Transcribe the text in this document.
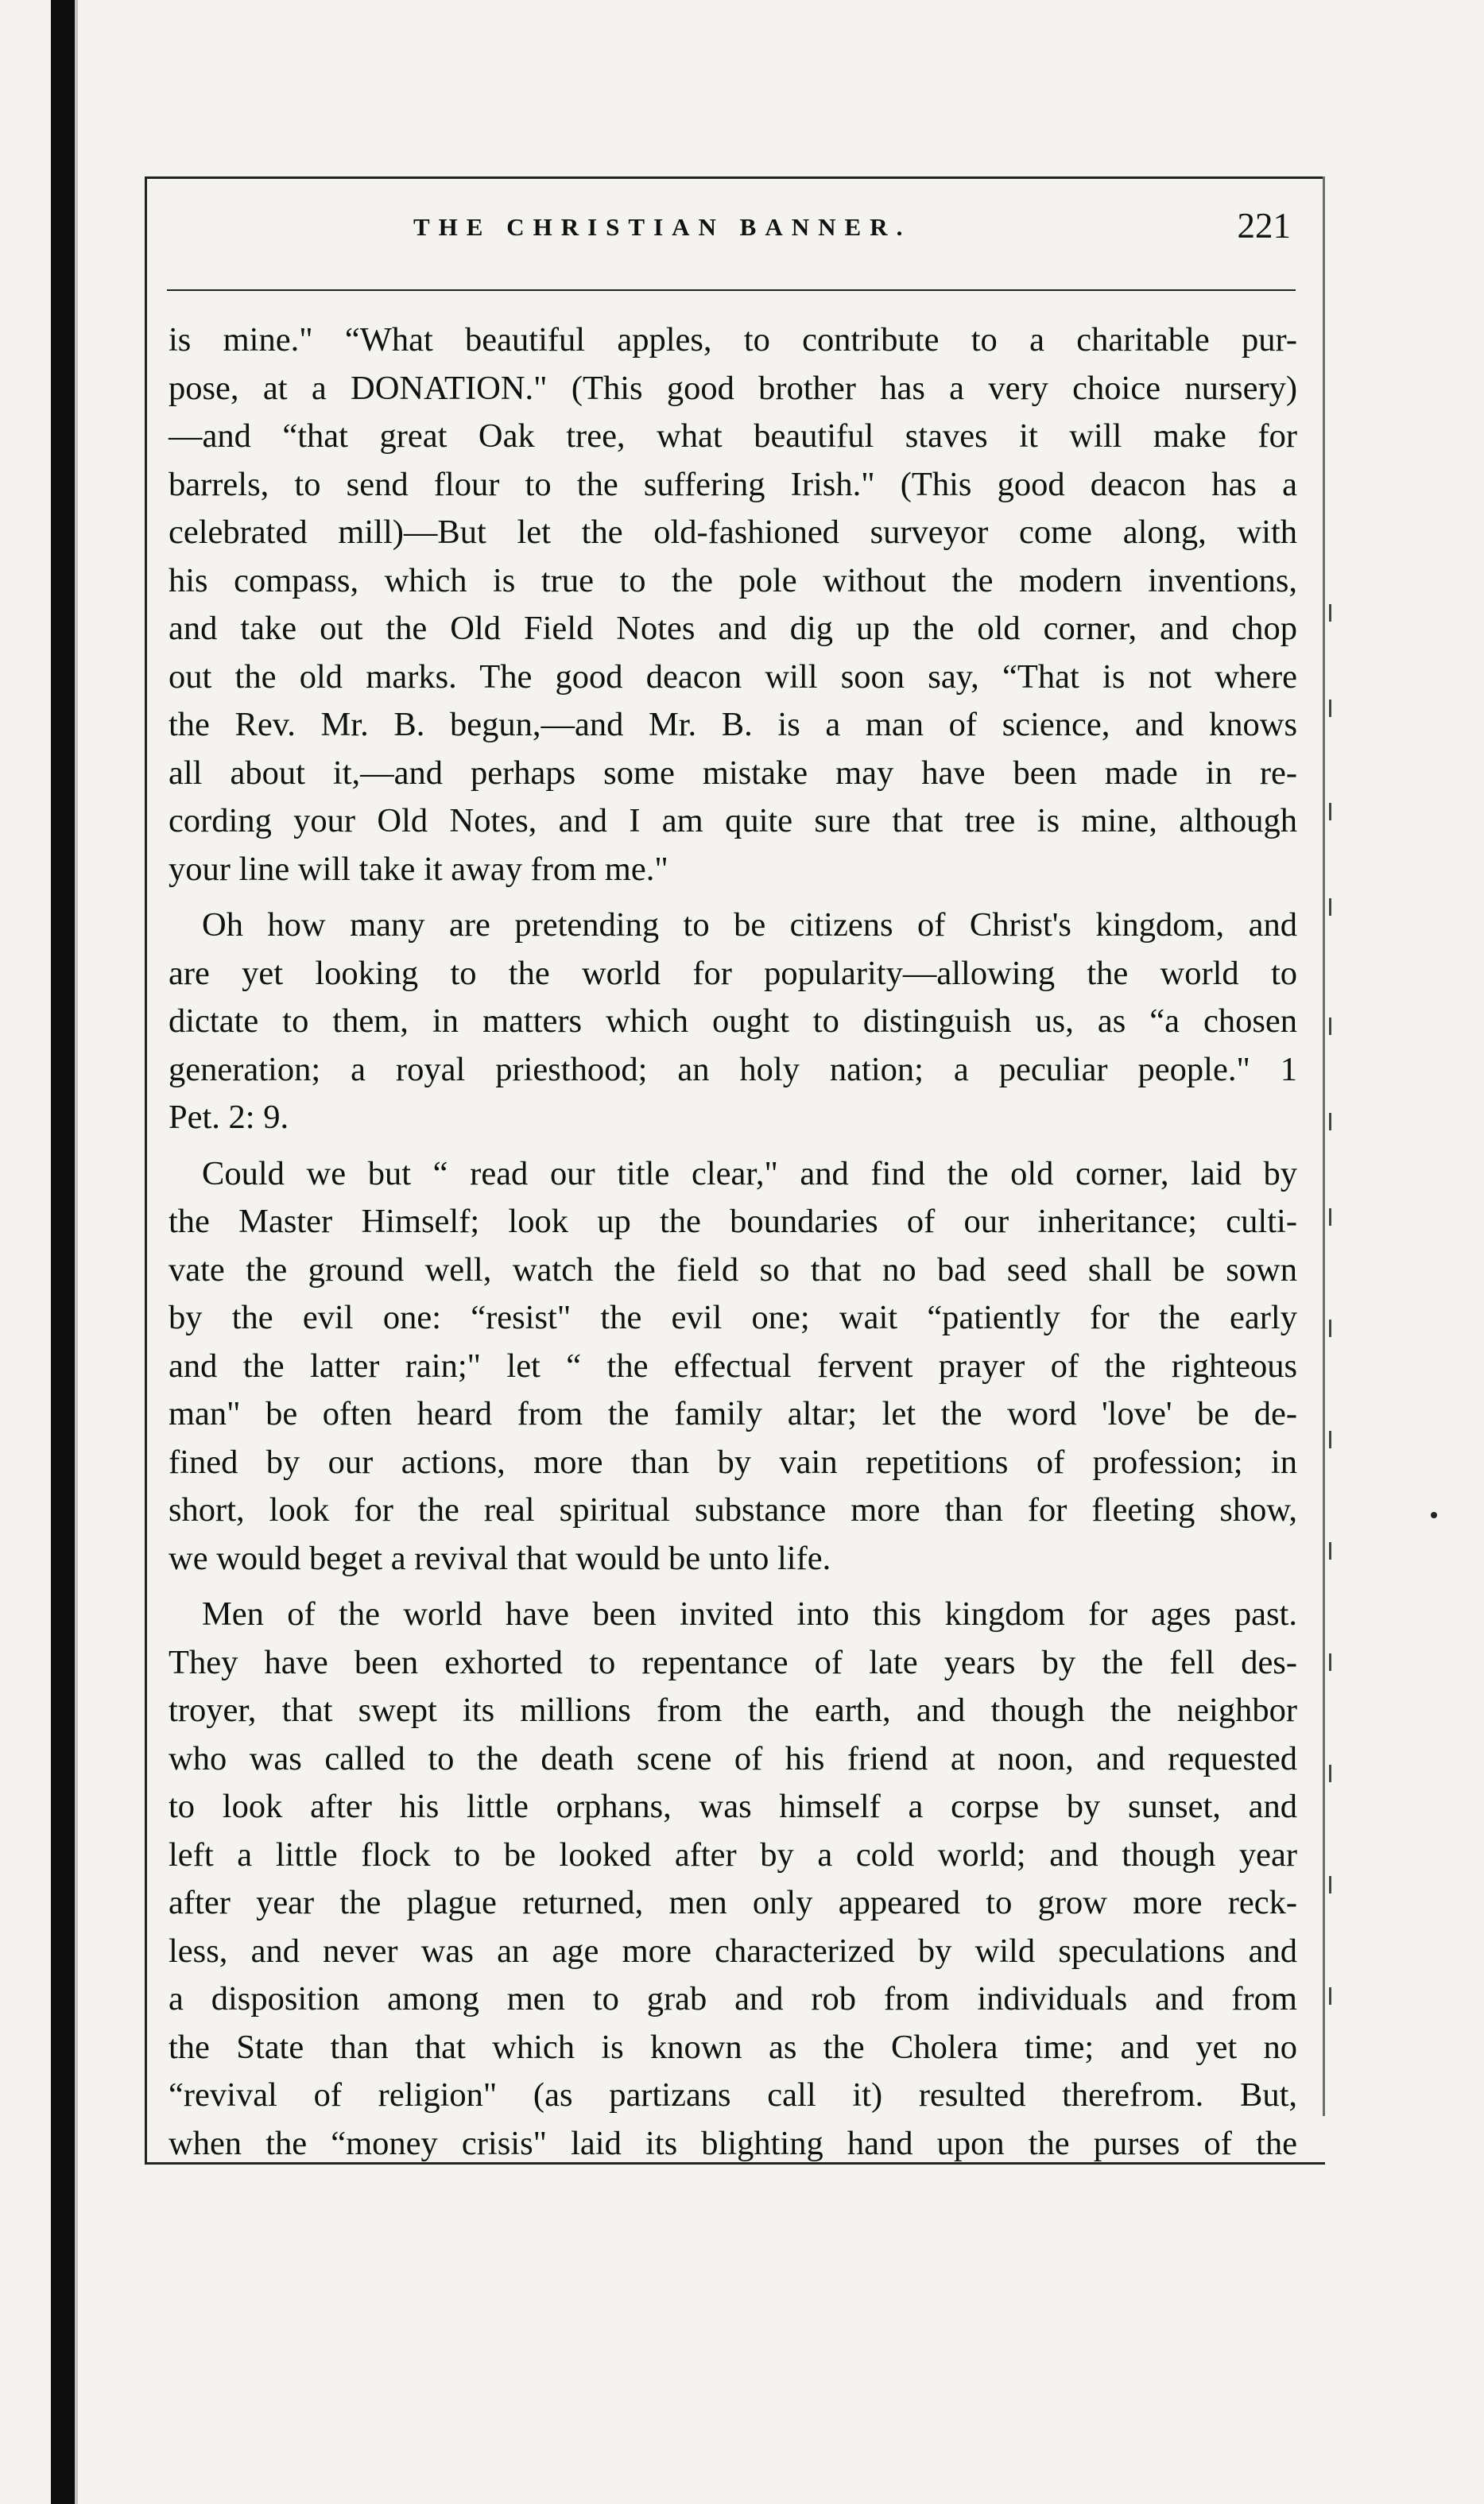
THE CHRISTIAN BANNER.	221
is mine." “What beautiful apples, to contribute to a charitable pur-
pose, at a DONATION." (This good brother has a very choice nursery)
—and “that great Oak tree, what beautiful staves it will make for
barrels, to send flour to the suffering Irish." (This good deacon has a
celebrated mill)—But let the old-fashioned surveyor come along, with
his compass, which is true to the pole without the modern inventions,
and take out the Old Field Notes and dig up the old corner, and chop
out the old marks. The good deacon will soon say, “That is not where
the Rev. Mr. B. begun,—and Mr. B. is a man of science, and knows
all about it,—and perhaps some mistake may have been made in re-
cording your Old Notes, and I am quite sure that tree is mine, although
your line will take it away from me."
Oh how many are pretending to be citizens of Christ's kingdom, and
are yet looking to the world for popularity—allowing the world to
dictate to them, in matters which ought to distinguish us, as “a chosen
generation; a royal priesthood; an holy nation; a peculiar people." 1
Pet. 2: 9.
Could we but “ read our title clear," and find the old corner, laid by
the Master Himself; look up the boundaries of our inheritance; culti-
vate the ground well, watch the field so that no bad seed shall be sown
by the evil one: “resist" the evil one; wait “patiently for the early
and the latter rain;" let “ the effectual fervent prayer of the righteous
man" be often heard from the family altar; let the word 'love' be de-
fined by our actions, more than by vain repetitions of profession; in
short, look for the real spiritual substance more than for fleeting show,
we would beget a revival that would be unto life.
Men of the world have been invited into this kingdom for ages past.
They have been exhorted to repentance of late years by the fell des-
troyer, that swept its millions from the earth, and though the neighbor
who was called to the death scene of his friend at noon, and requested
to look after his little orphans, was himself a corpse by sunset, and
left a little flock to be looked after by a cold world; and though year
after year the plague returned, men only appeared to grow more reck-
less, and never was an age more characterized by wild speculations and
a disposition among men to grab and rob from individuals and from
the State than that which is known as the Cholera time; and yet no
“revival of religion" (as partizans call it) resulted therefrom. But,
when the “money crisis" laid its blighting hand upon the purses of the
